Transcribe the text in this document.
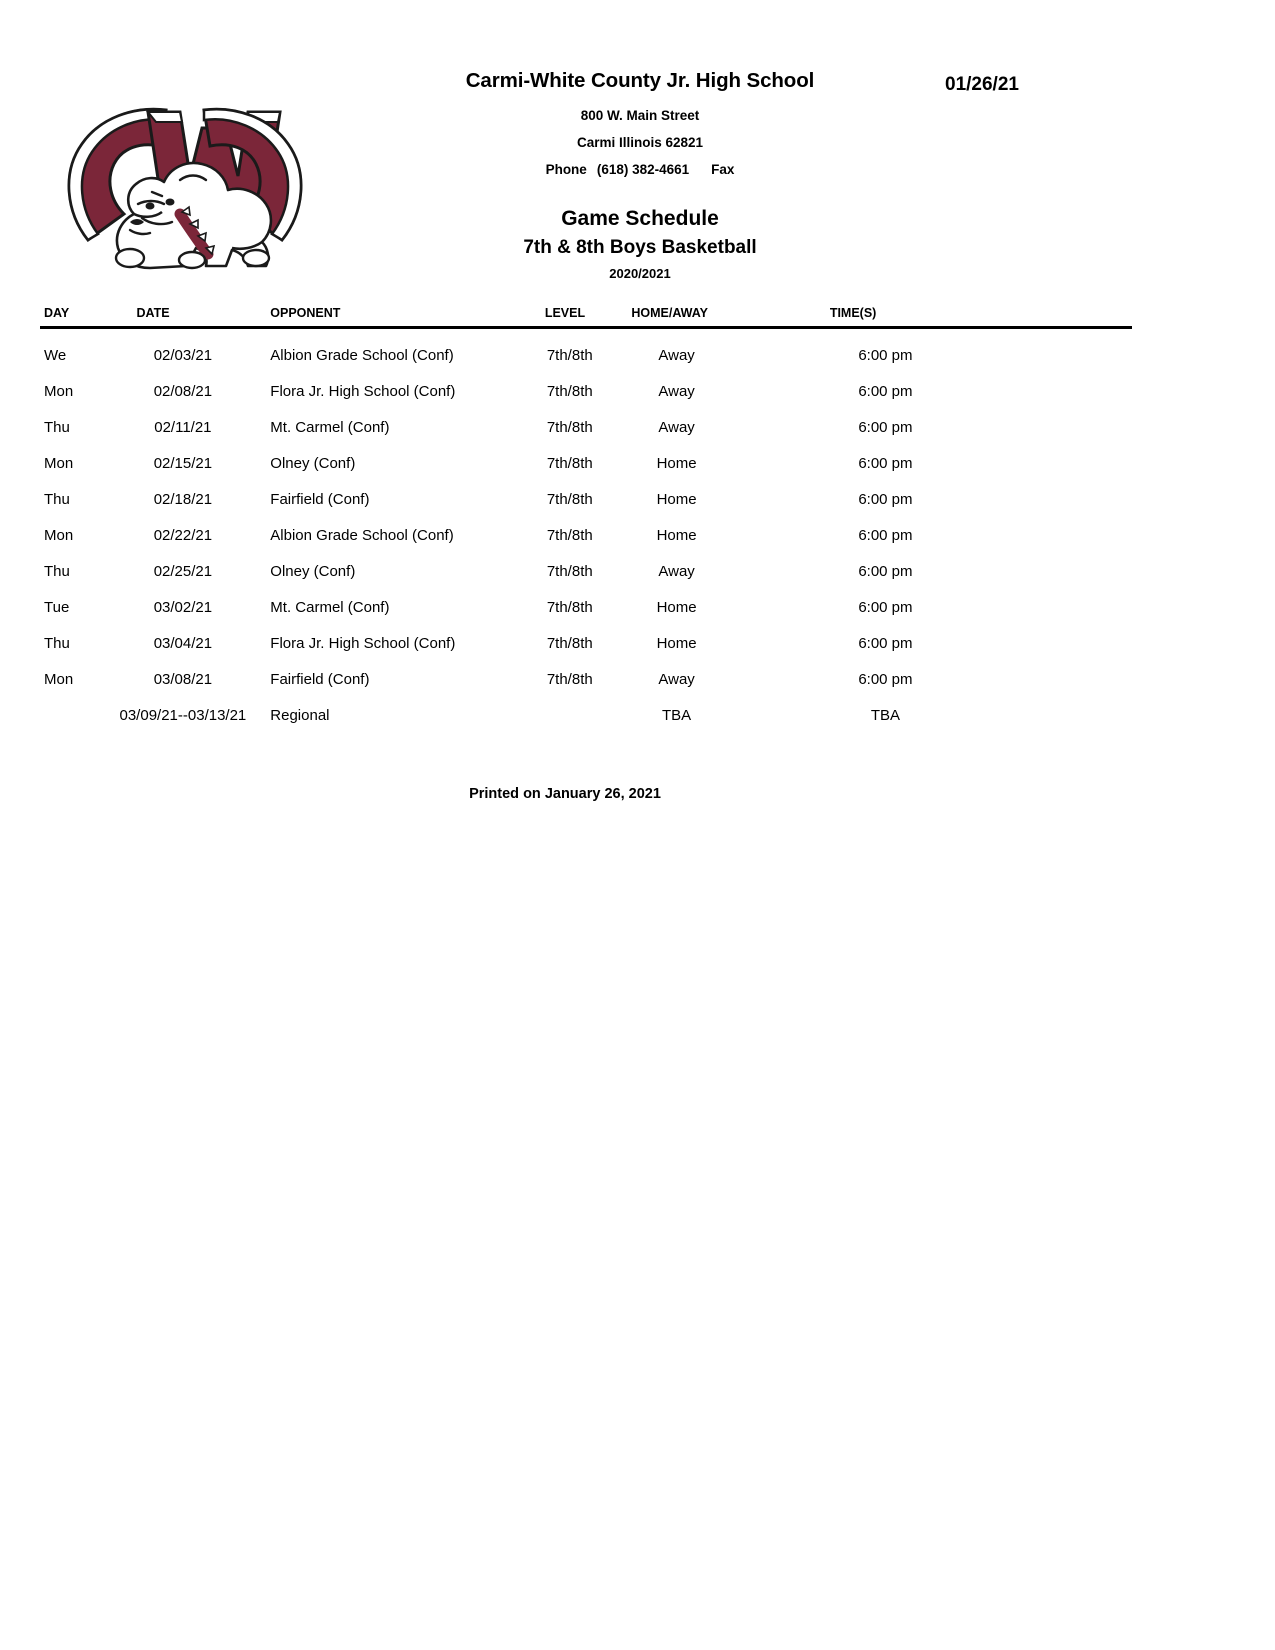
01/26/21
Carmi-White County Jr. High School
800 W. Main Street
Carmi Illinois 62821
Phone (618) 382-4661 Fax
Game Schedule
7th & 8th Boys Basketball
2020/2021
DAY	DATE	OPPONENT	LEVEL	HOME/AWAY	TIME(S)
We	02/03/21	Albion Grade School (Conf)	7th/8th	Away	6:00 pm
Mon	02/08/21	Flora Jr. High School (Conf)	7th/8th	Away	6:00 pm
Thu	02/11/21	Mt. Carmel (Conf)	7th/8th	Away	6:00 pm
Mon	02/15/21	Olney (Conf)	7th/8th	Home	6:00 pm
Thu	02/18/21	Fairfield (Conf)	7th/8th	Home	6:00 pm
Mon	02/22/21	Albion Grade School (Conf)	7th/8th	Home	6:00 pm
Thu	02/25/21	Olney (Conf)	7th/8th	Away	6:00 pm
Tue	03/02/21	Mt. Carmel (Conf)	7th/8th	Home	6:00 pm
Thu	03/04/21	Flora Jr. High School (Conf)	7th/8th	Home	6:00 pm
Mon	03/08/21	Fairfield (Conf)	7th/8th	Away	6:00 pm
	03/09/21--03/13/21	Regional		TBA	TBA
Printed on January 26, 2021
